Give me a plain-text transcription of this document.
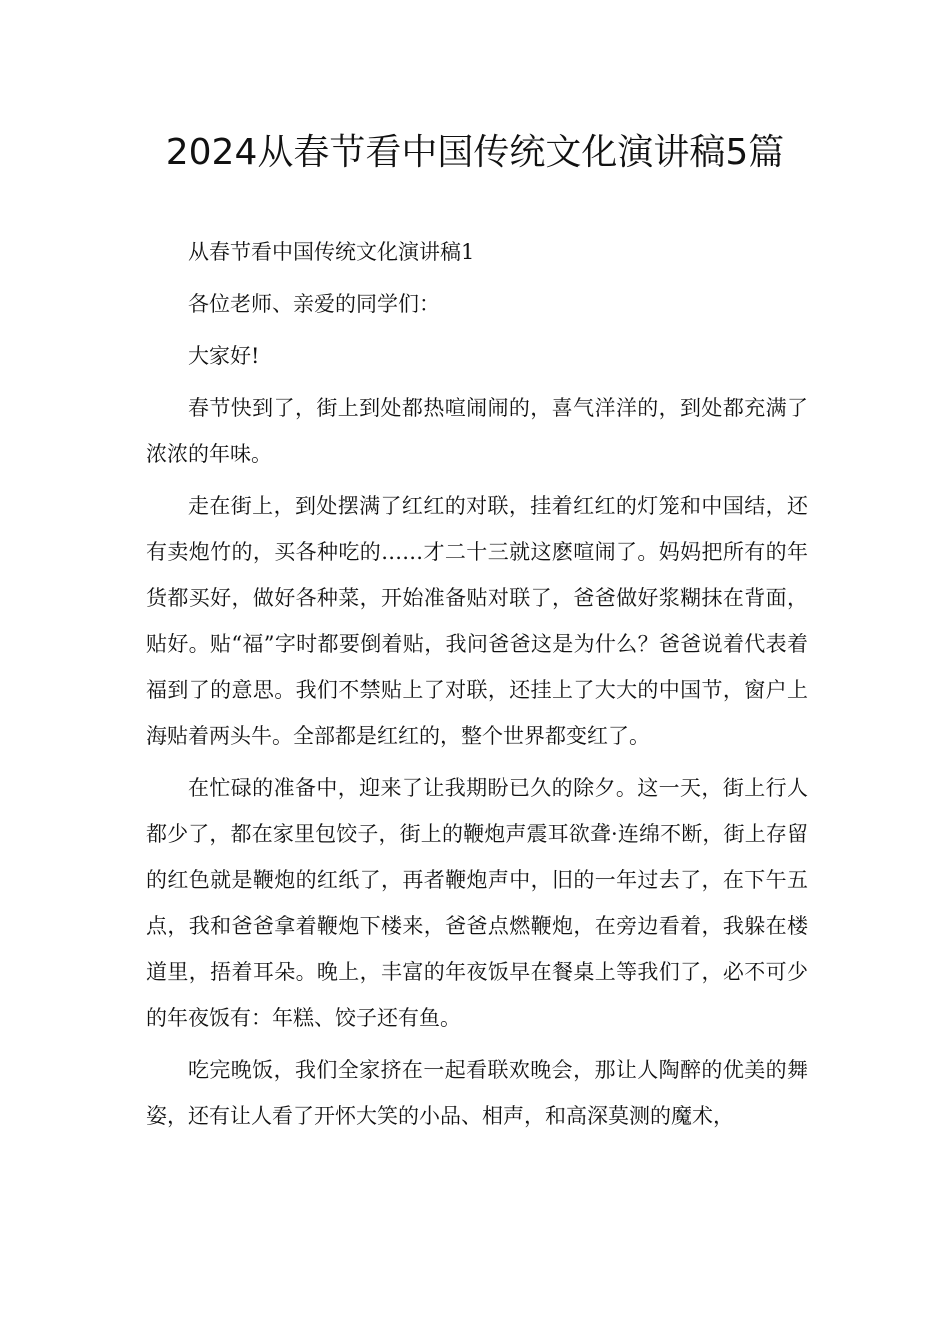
2024从春节看中国传统文化演讲稿5篇

从春节看中国传统文化演讲稿1

各位老师、亲爱的同学们：

大家好!

春节快到了，街上到处都热喧闹闹的，喜气洋洋的，到处都充满了浓浓的年味。

走在街上，到处摆满了红红的对联，挂着红红的灯笼和中国结，还有卖炮竹的，买各种吃的……才二十三就这麽喧闹了。妈妈把所有的年货都买好，做好各种菜，开始准备贴对联了，爸爸做好浆糊抹在背面，贴好。贴“福”字时都要倒着贴，我问爸爸这是为什么？爸爸说着代表着福到了的意思。我们不禁贴上了对联，还挂上了大大的中国节，窗户上海贴着两头牛。全部都是红红的，整个世界都变红了。

在忙碌的准备中，迎来了让我期盼已久的除夕。这一天，街上行人都少了，都在家里包饺子，街上的鞭炮声震耳欲聋·连绵不断，街上存留的红色就是鞭炮的红纸了，再者鞭炮声中，旧的一年过去了，在下午五点，我和爸爸拿着鞭炮下楼来，爸爸点燃鞭炮，在旁边看着，我躲在楼道里，捂着耳朵。晚上，丰富的年夜饭早在餐桌上等我们了，必不可少的年夜饭有：年糕、饺子还有鱼。

吃完晚饭，我们全家挤在一起看联欢晚会，那让人陶醉的优美的舞姿，还有让人看了开怀大笑的小品、相声，和高深莫测的魔术，
